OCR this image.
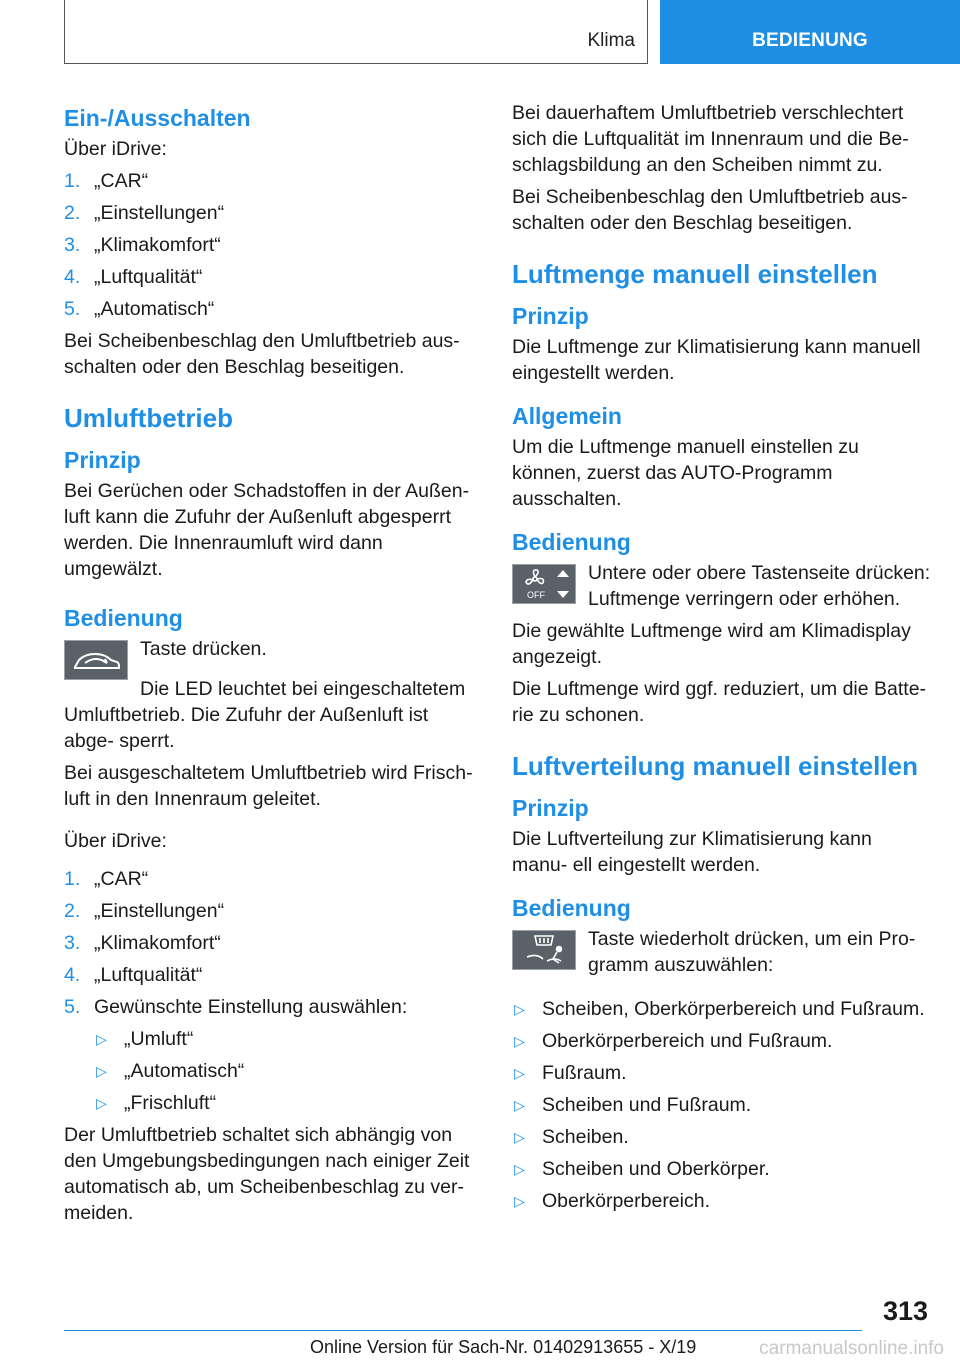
Klima	BEDIENUNG
Ein-/Ausschalten

Über iDrive:

1. „CAR“
2. „Einstellungen“
3. „Klimakomfort“
4. „Luftqualität“
5. „Automatisch“

Bei Scheibenbeschlag den Umluftbetrieb aus‐ schalten oder den Beschlag beseitigen.

Umluftbetrieb
Prinzip

Bei Gerüchen oder Schadstoffen in der Außen‐ luft kann die Zufuhr der Außenluft abgesperrt werden. Die Innenraumluft wird dann umgewälzt.

Bedienung

Taste drücken.

Die LED leuchtet bei eingeschaltetem Umluftbetrieb. Die Zufuhr der Außenluft ist abge‐ sperrt.

Bei ausgeschaltetem Umluftbetrieb wird Frisch‐ luft in den Innenraum geleitet.

Über iDrive:

1. „CAR“
2. „Einstellungen“
3. „Klimakomfort“
4. „Luftqualität“
5. Gewünschte Einstellung auswählen:
▷ „Umluft“
▷ „Automatisch“
▷ „Frischluft“

Der Umluftbetrieb schaltet sich abhängig von den Umgebungsbedingungen nach einiger Zeit automatisch ab, um Scheibenbeschlag zu ver‐ meiden.

Bei dauerhaftem Umluftbetrieb verschlechtert sich die Luftqualität im Innenraum und die Be‐ schlagsbildung an den Scheiben nimmt zu.

Bei Scheibenbeschlag den Umluftbetrieb aus‐ schalten oder den Beschlag beseitigen.

Luftmenge manuell einstellen
Prinzip

Die Luftmenge zur Klimatisierung kann manuell eingestellt werden.

Allgemein

Um die Luftmenge manuell einstellen zu können, zuerst das AUTO-Programm ausschalten.

Bedienung
OFF

Untere oder obere Tastenseite drücken: Luftmenge verringern oder erhöhen.

Die gewählte Luftmenge wird am Klimadisplay angezeigt.

Die Luftmenge wird ggf. reduziert, um die Batte‐ rie zu schonen.

Luftverteilung manuell einstellen
Prinzip

Die Luftverteilung zur Klimatisierung kann manu‐ ell eingestellt werden.

Bedienung

Taste wiederholt drücken, um ein Pro‐ gramm auszuwählen:

▷ Scheiben, Oberkörperbereich und Fußraum.
▷ Oberkörperbereich und Fußraum.
▷ Fußraum.
▷ Scheiben und Fußraum.
▷ Scheiben.
▷ Scheiben und Oberkörper.
▷ Oberkörperbereich.
313
Online Version für Sach-Nr. 01402913655 - X/19	carmanualsonline.info
